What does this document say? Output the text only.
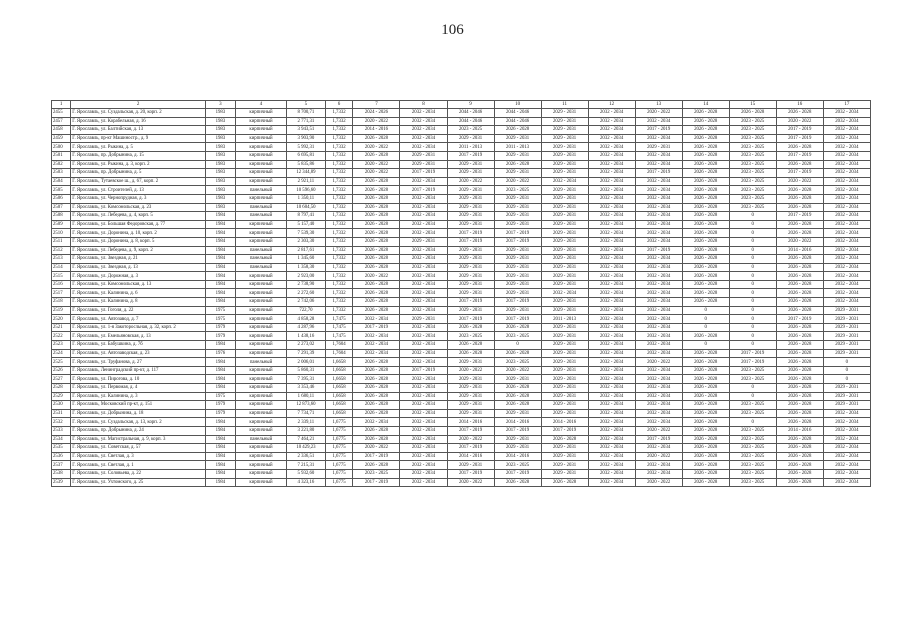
106
1	2	3	4	5	6	7	8	9	10	11	12	13	14	15	16	17
2455	Г. Ярославль, ул. Суздальская, д. 20, корп. 2	1983	кирпичный	8 700,71	1,7332	2024 - 2026	2032 - 2034	2044 - 2046	2044 - 2046	2029 - 2031	2032 - 2034	2020 - 2022	2026 - 2028	2026 - 2028	2026 - 2028	2032 - 2034
2457	Г. Ярославль, ул. Корабельная, д. 16	1983	кирпичный	2 771,31	1,7332	2020 - 2022	2032 - 2034	2044 - 2046	2044 - 2046	2029 - 2031	2032 - 2034	2032 - 2034	2026 - 2028	2023 - 2025	2020 - 2022	2032 - 2034
2458	Г. Ярославль, ул. Балтийская, д. 13	1983	кирпичный	3 943,51	1,7332	2014 - 2016	2032 - 2034	2023 - 2025	2026 - 2028	2029 - 2031	2032 - 2034	2017 - 2019	2026 - 2028	2023 - 2025	2017 - 2019	2032 - 2034
2459	Г. Ярославль, пр-кт Машиностр., д. 9	1983	кирпичный	3 903,90	1,7332	2026 - 2028	2032 - 2034	2029 - 2031	2029 - 2031	2029 - 2031	2032 - 2034	2032 - 2034	2026 - 2028	2023 - 2025	2017 - 2019	2032 - 2034
2500	Г. Ярославль, ул. Рыкина, д. 5	1983	кирпичный	5 992,31	1,7332	2020 - 2022	2032 - 2034	2011 - 2013	2011 - 2013	2029 - 2031	2032 - 2034	2029 - 2031	2026 - 2028	2023 - 2025	2026 - 2028	2032 - 2034
2501	Г. Ярославль, пр. Добрынина, д. 15	1983	кирпичный	6 695,81	1,7332	2026 - 2028	2029 - 2031	2017 - 2019	2029 - 2031	2029 - 2031	2032 - 2034	2032 - 2034	2026 - 2028	2023 - 2025	2017 - 2019	2032 - 2034
2502	Г. Ярославль, ул. Рыкина, д. 3, корп. 2	1983	кирпичный	5 835,86	1,7332	2020 - 2022	2029 - 2031	2029 - 2031	2026 - 2028	2029 - 2031	2032 - 2034	2032 - 2034	2026 - 2028	2023 - 2025	2026 - 2028	2032 - 2034
2503	Г. Ярославль, пр. Добрынина, д. 5	1983	кирпичный	12 344,89	1,7332	2020 - 2022	2017 - 2019	2029 - 2031	2029 - 2031	2029 - 2031	2032 - 2034	2017 - 2019	2026 - 2028	2023 - 2025	2017 - 2019	2032 - 2034
2504	Г. Ярославль, Тутаевское ш., д. 67, корп. 2	1983	кирпичный	2 921,11	1,7332	2026 - 2028	2032 - 2034	2020 - 2022	2020 - 2022	2032 - 2034	2032 - 2034	2032 - 2034	2026 - 2028	2023 - 2025	2020 - 2022	2032 - 2034
2505	Г. Ярославль, ул. Строителей, д. 13	1983	панельный	10 596,60	1,7332	2026 - 2028	2017 - 2019	2029 - 2031	2023 - 2025	2029 - 2031	2032 - 2034	2032 - 2034	2026 - 2028	2023 - 2025	2026 - 2028	2032 - 2034
2506	Г. Ярославль, ул. Чернопрудная, д. 3	1983	кирпичный	1 350,11	1,7332	2026 - 2028	2032 - 2034	2029 - 2031	2029 - 2031	2029 - 2031	2032 - 2034	2032 - 2034	2026 - 2028	2023 - 2025	2026 - 2028	2032 - 2034
2507	Г. Ярославль, ул. Комсомольская, д. 23	1983	панельный	10 604,50	1,7332	2026 - 2028	2032 - 2034	2029 - 2031	2029 - 2031	2029 - 2031	2032 - 2034	2032 - 2034	2026 - 2028	2023 - 2025	2026 - 2028	2032 - 2034
2508	Г. Ярославль, ул. Лебедева, д. 4, корп. 5	1984	панельный	8 797,41	1,7332	2026 - 2028	2032 - 2034	2029 - 2031	2029 - 2031	2029 - 2031	2032 - 2034	2032 - 2034	2026 - 2028	0	2017 - 2019	2032 - 2034
2509	Г. Ярославль, ул. Большая Федоровская, д. 77	1984	кирпичный	5 157,40	1,7332	2026 - 2028	2032 - 2034	2029 - 2031	2029 - 2031	2029 - 2031	2032 - 2034	2032 - 2034	2026 - 2028	0	2026 - 2028	2032 - 2034
2510	Г. Ярославль, ул. Доронина, д. 10, корп. 2	1984	кирпичный	7 539,30	1,7332	2026 - 2028	2032 - 2034	2017 - 2019	2017 - 2019	2029 - 2031	2032 - 2034	2032 - 2034	2026 - 2028	0	2026 - 2028	2032 - 2034
2511	Г. Ярославль, ул. Доронина, д. 8, корп. 5	1984	кирпичный	2 303,30	1,7332	2026 - 2028	2029 - 2031	2017 - 2019	2017 - 2019	2029 - 2031	2032 - 2034	2032 - 2034	2026 - 2028	0	2020 - 2022	2032 - 2034
2512	Г. Ярославль, ул. Лебедева, д. 9, корп. 2	1984	панельный	2 817,61	1,7332	2026 - 2028	2032 - 2034	2029 - 2031	2029 - 2031	2029 - 2031	2032 - 2034	2017 - 2019	2026 - 2028	0	2014 - 2016	2032 - 2034
2513	Г. Ярославль, ул. Звездная, д. 21	1984	панельный	1 345,60	1,7332	2026 - 2028	2032 - 2034	2029 - 2031	2029 - 2031	2029 - 2031	2032 - 2034	2032 - 2034	2026 - 2028	0	2026 - 2028	2032 - 2034
2514	Г. Ярославль, ул. Звездная, д. 13	1984	панельный	1 358,30	1,7332	2026 - 2028	2032 - 2034	2029 - 2031	2029 - 2031	2029 - 2031	2032 - 2034	2032 - 2034	2026 - 2028	0	2026 - 2028	2032 - 2034
2515	Г. Ярославль, ул. Дорожная, д. 3	1984	кирпичный	2 923,00	1,7332	2020 - 2022	2032 - 2034	2029 - 2031	2029 - 2031	2029 - 2031	2032 - 2034	2032 - 2034	2026 - 2028	0	2026 - 2028	2032 - 2034
2516	Г. Ярославль, ул. Комсомольская, д. 13	1984	кирпичный	2 738,90	1,7332	2026 - 2028	2032 - 2034	2029 - 2031	2029 - 2031	2029 - 2031	2032 - 2034	2032 - 2034	2026 - 2028	0	2026 - 2028	2032 - 2034
2517	Г. Ярославль, ул. Калинина, д. 6	1984	кирпичный	2 272,60	1,7332	2026 - 2028	2032 - 2034	2029 - 2031	2029 - 2031	2032 - 2034	2032 - 2034	2032 - 2034	2026 - 2028	0	2026 - 2028	2032 - 2034
2518	Г. Ярославль, ул. Калинина, д. 8	1984	кирпичный	2 742,06	1,7332	2026 - 2028	2032 - 2034	2017 - 2019	2017 - 2019	2029 - 2031	2032 - 2034	2032 - 2034	2026 - 2028	0	2026 - 2028	2032 - 2034
2519	Г. Ярославль, ул. Гоголя, д. 22	1975	кирпичный	722,70	1,7332	2026 - 2028	2032 - 2034	2029 - 2031	2029 - 2031	2029 - 2031	2032 - 2034	2032 - 2034	0	0	2026 - 2028	2029 - 2031
2520	Г. Ярославль, ул. Автозавод, д. 7	1975	кирпичный	4 858,28	1,7475	2032 - 2034	2029 - 2031	2017 - 2019	2017 - 2019	2011 - 2013	2032 - 2034	2032 - 2034	0	0	2017 - 2019	2029 - 2031
2521	Г. Ярославль, ул. 1-я Закоторосльная, д. 32, корп. 2	1979	кирпичный	4 287,96	1,7475	2017 - 2019	2032 - 2034	2026 - 2028	2026 - 2028	2029 - 2031	2032 - 2034	2032 - 2034	0	0	2026 - 2028	2029 - 2031
2522	Г. Ярославль, ул. Емельяновская, д. 13	1979	кирпичный	1 438,16	1,7475	2032 - 2034	2032 - 2034	2023 - 2025	2023 - 2025	2029 - 2031	2032 - 2034	2032 - 2034	2026 - 2028	0	2026 - 2028	2029 - 2031
2523	Г. Ярославль, ул. Бабушкина, д. 7б	1984	кирпичный	2 273,02	1,7604	2032 - 2034	2032 - 2034	2026 - 2028	0	2029 - 2031	2032 - 2034	2032 - 2034	0	0	2026 - 2028	2029 - 2031
2524	Г. Ярославль, ул. Автозаводская, д. 23	1976	кирпичный	7 291,39	1,7604	2032 - 2034	2032 - 2034	2026 - 2028	2026 - 2028	2029 - 2031	2032 - 2034	2032 - 2034	2026 - 2028	2017 - 2019	2026 - 2028	2029 - 2031
2525	Г. Ярославль, ул. Труфанова, д. 27	1984	панельный	2 006,01	1,6658	2026 - 2028	2032 - 2034	2029 - 2031	2023 - 2025	2029 - 2031	2032 - 2034	2020 - 2022	2026 - 2028	2017 - 2019	2026 - 2028	0
2526	Г. Ярославль, Ленинградский пр-кт, д. 117	1984	кирпичный	5 860,31	1,6658	2026 - 2028	2017 - 2019	2020 - 2022	2020 - 2022	2029 - 2031	2032 - 2034	2032 - 2034	2026 - 2028	2023 - 2025	2026 - 2028	0
2527	Г. Ярославль, ул. Пирогова, д. 10	1984	кирпичный	7 395,31	1,6658	2026 - 2028	2032 - 2034	2029 - 2031	2029 - 2031	2029 - 2031	2032 - 2034	2032 - 2034	2026 - 2028	2023 - 2025	2026 - 2028	0
2528	Г. Ярославль, ул. Первомая, д. 4	1984	кирпичный	3 353,46	1,6658	2026 - 2028	2032 - 2034	2029 - 2031	2026 - 2028	2029 - 2031	2032 - 2034	2032 - 2034	2026 - 2028	0	2026 - 2028	2029 - 2031
2529	Г. Ярославль, ул. Калинина, д. 3	1975	кирпичный	1 680,11	1,6658	2026 - 2028	2032 - 2034	2029 - 2031	2026 - 2028	2029 - 2031	2032 - 2034	2032 - 2034	2026 - 2028	0	2026 - 2028	2029 - 2031
2530	Г. Ярославль, Московский пр-кт, д. 151	1979	кирпичный	12 873,60	1,6658	2026 - 2028	2032 - 2034	2029 - 2031	2026 - 2028	2029 - 2031	2032 - 2034	2032 - 2034	2026 - 2028	2023 - 2025	2026 - 2028	2029 - 2031
2531	Г. Ярославль, ул. Добрынина, д. 18	1979	кирпичный	7 734,71	1,6658	2026 - 2028	2032 - 2034	2029 - 2031	2029 - 2031	2029 - 2031	2032 - 2034	2032 - 2034	2026 - 2028	2023 - 2025	2026 - 2028	2032 - 2034
2532	Г. Ярославль, ул. Суздальская, д. 13, корп. 2	1984	кирпичный	2 339,11	1,6775	2032 - 2034	2032 - 2034	2014 - 2016	2014 - 2016	2014 - 2016	2032 - 2034	2032 - 2034	2026 - 2028	0	2026 - 2028	2032 - 2034
2533	Г. Ярославль, пр. Добрынина, д. 24	1984	кирпичный	3 221,80	1,6775	2026 - 2028	2032 - 2034	2017 - 2019	2017 - 2019	2017 - 2019	2032 - 2034	2020 - 2022	2026 - 2028	2023 - 2025	2014 - 2016	2032 - 2034
2534	Г. Ярославль, ул. Магистральная, д. 9, корп. 3	1984	панельный	7 464,21	1,6775	2026 - 2028	2032 - 2034	2020 - 2022	2029 - 2031	2026 - 2028	2032 - 2034	2017 - 2019	2026 - 2028	2023 - 2025	2026 - 2028	2032 - 2034
2535	Г. Ярославль, ул. Советская, д. 57	1984	кирпичный	10 429,23	1,6775	2020 - 2022	2032 - 2034	2017 - 2019	2029 - 2031	2029 - 2031	2032 - 2034	2032 - 2034	2026 - 2028	2023 - 2025	2026 - 2028	2032 - 2034
2536	Г. Ярославль, ул. Светлая, д. 3	1984	кирпичный	2 336,51	1,6775	2017 - 2019	2032 - 2034	2014 - 2016	2014 - 2016	2029 - 2031	2032 - 2034	2020 - 2022	2026 - 2028	2023 - 2025	2026 - 2028	2032 - 2034
2537	Г. Ярославль, ул. Светлая, д. 1	1984	кирпичный	7 215,31	1,6775	2026 - 2028	2032 - 2034	2029 - 2031	2023 - 2025	2029 - 2031	2032 - 2034	2032 - 2034	2026 - 2028	2023 - 2025	2026 - 2028	2032 - 2034
2538	Г. Ярославль, ул. Соловьева, д. 22	1984	кирпичный	5 932,60	1,6775	2023 - 2025	2032 - 2034	2017 - 2019	2017 - 2019	2029 - 2031	2032 - 2034	2032 - 2034	2026 - 2028	2023 - 2025	2026 - 2028	2032 - 2034
2539	Г. Ярославль, ул. Ухтомского, д. 25	1984	кирпичный	4 323,16	1,6775	2017 - 2019	2032 - 2034	2020 - 2022	2026 - 2028	2026 - 2028	2032 - 2034	2020 - 2022	2026 - 2028	2023 - 2025	2026 - 2028	2032 - 2034
